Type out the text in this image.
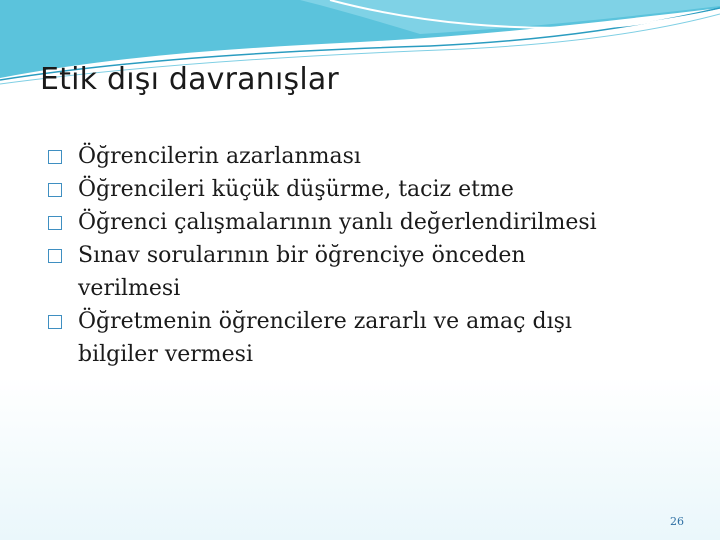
Etik dışı davranışlar
Öğrencilerin azarlanması
Öğrencileri küçük düşürme, taciz etme
Öğrenci çalışmalarının yanlı değerlendirilmesi
Sınav sorularının bir öğrenciye önceden verilmesi
Öğretmenin öğrencilere zararlı ve amaç dışı bilgiler vermesi
26
